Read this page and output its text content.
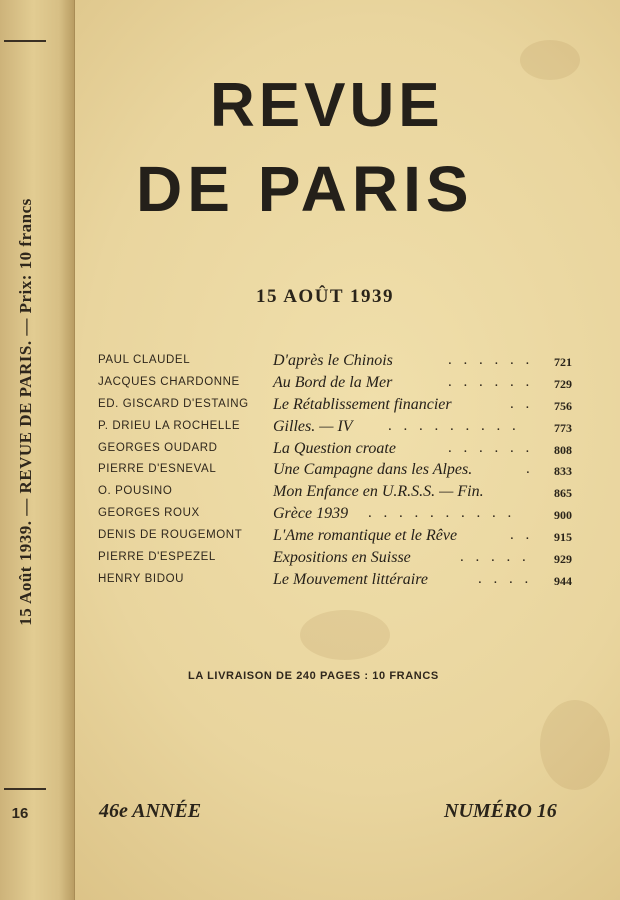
15 Août 1939. — REVUE DE PARIS. — Prix: 10 francs
16
REVUE
DE PARIS
15 AOÛT 1939
PAUL CLAUDEL	D'après le Chinois	. . . . . . 721
JACQUES CHARDONNE Au Bord de la Mer	. . . . . . 729
ED. GISCARD D'ESTAING Le Rétablissement financier	. . 756
P. DRIEU LA ROCHELLE Gilles. — IV . . . . . . . . .	773
GEORGES OUDARD	La Question croate	. . . . . . 808
PIERRE D'ESNEVAL	Une Campagne dans les Alpes.	. 833
O. POUSINO	Mon Enfance en U.R.S.S. — Fin.	865
GEORGES ROUX	Grèce 1939 . . . . . . . . . .	900
DENIS DE ROUGEMONT L'Ame romantique et le Rêve	. . 915
PIERRE D'ESPEZEL	Expositions en Suisse	. . . . . 929
HENRY BIDOU	Le Mouvement littéraire	. . . . 944
LA LIVRAISON DE 240 PAGES : 10 FRANCS
46e ANNÉE	NUMÉRO 16
